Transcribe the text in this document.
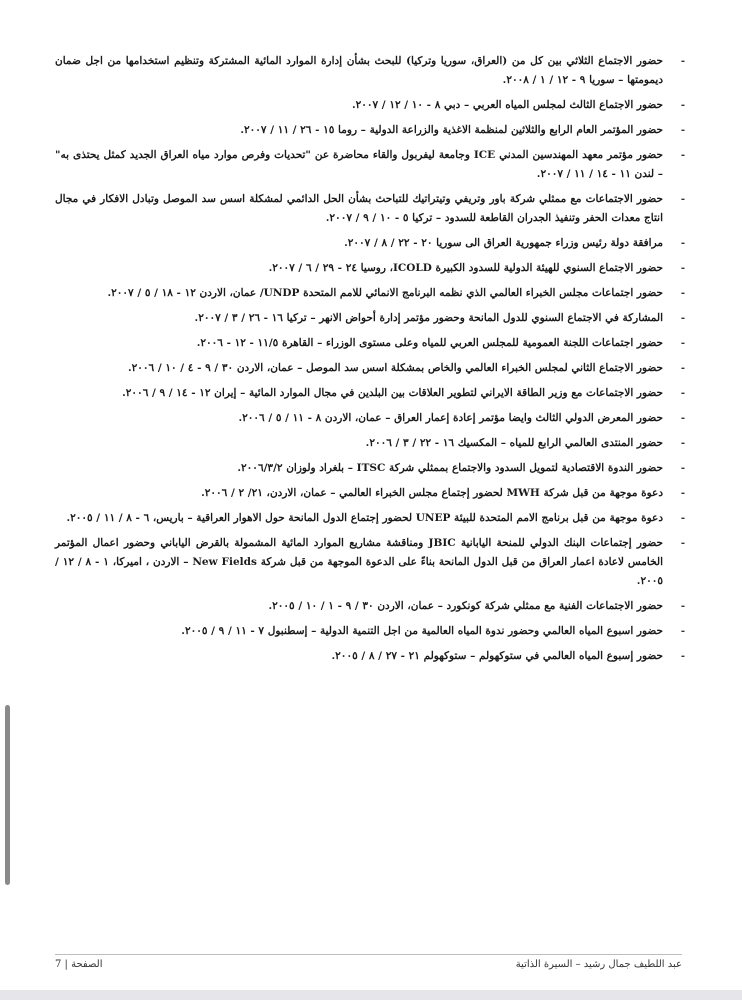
-
حضور الاجتماع الثلاثي بين كل من (العراق، سوريا وتركيا) للبحث بشأن إدارة الموارد المائية المشتركة وتنظيم استخدامها من اجل ضمان ديمومتها – سوريا ٩ - ١٢ / ١ / ٢٠٠٨.
-
حضور الاجتماع الثالث لمجلس المياه العربي – دبي ٨ - ١٠ / ١٢ / ٢٠٠٧.
-
حضور المؤتمر العام الرابع والثلاثين لمنظمة الاغذية والزراعة الدولية – روما ١٥ - ٢٦ / ١١ / ٢٠٠٧.
-
حضور مؤتمر معهد المهندسين المدني ICE وجامعة ليفربول والقاء محاضرة عن "تحديات وفرص موارد مياه العراق الجديد كمثل يحتذى به" – لندن ١١ - ١٤ / ١١ / ٢٠٠٧.
-
حضور الاجتماعات مع ممثلي شركة باور وتريفي وتيتراتيك للتباحث بشأن الحل الدائمي لمشكلة اسس سد الموصل وتبادل الافكار في مجال انتاج معدات الحفر وتنفيذ الجدران القاطعة للسدود – تركيا ٥ - ١٠ / ٩ / ٢٠٠٧.
-
مرافقة دولة رئيس وزراء جمهورية العراق الى سوريا ٢٠ - ٢٢ / ٨ / ٢٠٠٧.
-
حضور الاجتماع السنوي للهيئة الدولية للسدود الكبيرة ICOLD، روسيا ٢٤ - ٢٩ / ٦ / ٢٠٠٧.
-
حضور اجتماعات مجلس الخبراء العالمي الذي نظمه البرنامج الانمائي للامم المتحدة UNDP/ عمان، الاردن ١٢ - ١٨ / ٥ / ٢٠٠٧.
-
المشاركة في الاجتماع السنوي للدول المانحة وحضور مؤتمر إدارة أحواض الانهر – تركيا ١٦ - ٢٦ / ٣ / ٢٠٠٧.
-
حضور اجتماعات اللجنة العمومية للمجلس العربي للمياه وعلى مستوى الوزراء – القاهرة ١١/٥ - ١٢ - ٢٠٠٦.
-
حضور الاجتماع الثاني لمجلس الخبراء العالمي والخاص بمشكلة اسس سد الموصل – عمان، الاردن ٣٠ / ٩ - ٤ / ١٠ / ٢٠٠٦.
-
حضور الاجتماعات مع وزير الطاقة الايراني لتطوير العلاقات بين البلدين في مجال الموارد المائية – إيران ١٢ - ١٤ / ٩ / ٢٠٠٦.
-
حضور المعرض الدولي الثالث وايضا مؤتمر إعادة إعمار العراق – عمان، الاردن ٨ - ١١ / ٥ / ٢٠٠٦.
-
حضور المنتدى العالمي الرابع للمياه – المكسيك ١٦ - ٢٢ / ٣ / ٢٠٠٦.
-
حضور الندوة الاقتصادية لتمويل السدود والاجتماع بممثلي شركة ITSC – بلغراد ولوزان ٢٠٠٦/٣/٢.
-
دعوة موجهة من قبل شركة MWH لحضور إجتماع مجلس الخبراء العالمي – عمان، الاردن، ٢١/ ٢ / ٢٠٠٦.
-
دعوة موجهة من قبل برنامج الامم المتحدة للبيئة UNEP لحضور إجتماع الدول المانحة حول الاهوار العراقية – باريس، ٦ - ٨ / ١١ / ٢٠٠٥.
-
حضور إجتماعات البنك الدولي للمنحة اليابانية JBIC ومناقشة مشاريع الموارد المائية المشمولة بالقرض الياباني وحضور اعمال المؤتمر الخامس لاعادة اعمار العراق من قبل الدول المانحة بناءً على الدعوة الموجهة من قبل شركة New Fields – الاردن ، اميركا، ١ - ٨ / ١٢ / ٢٠٠٥.
-
حضور الاجتماعات الفنية مع ممثلي شركة كونكورد – عمان، الاردن ٣٠ / ٩ - ١ / ١٠ / ٢٠٠٥.
-
حضور اسبوع المياه العالمي وحضور ندوة المياه العالمية من اجل التنمية الدولية – إسطنبول ٧ - ١١ / ٩ / ٢٠٠٥.
-
حضور إسبوع المياه العالمي في ستوكهولم – ستوكهولم ٢١ - ٢٧ / ٨ / ٢٠٠٥.
عبد اللطيف جمال رشيد – السيرة الذاتية
الصفحة | 7
